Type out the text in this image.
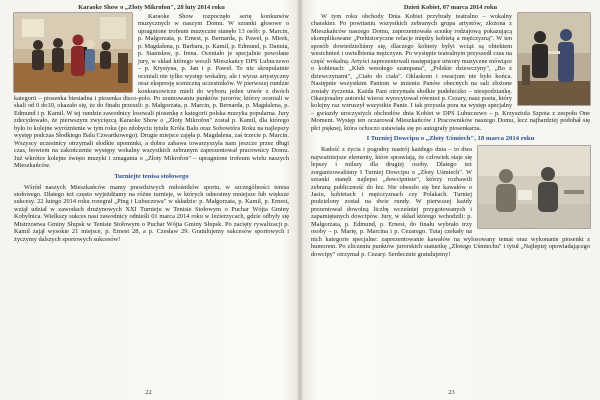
Karaoke Show o „Złoty Mikrofon", 28 luty 2014 roku

Karaoke Show rozpoczęło serię konkursów muzycznych w naszym Domu. W szranki głosowe o upragnione trofeum muzyczne stanęło 13 osób: p. Marcin, p. Małgorzata, p. Ernest, p. Bernarda, p. Paweł, p. Mirek, p. Magdalena, p. Barbara, p. Kamil, p. Edmund, p. Danuta, p. Stanisław, p. Irena. Oceniało je specjalnie powołane jury, w skład którego weszli Mieszkańcy DPS Lubuczewo – p. Krystyna, p. Jan i p. Paweł. To nie skrupulatnie oceniali nie tylko występ wokalny, ale i wyraz artystyczny oraz ekspresję sceniczną uczestników. W pierwszej rundzie konkursowicze mieli do wyboru jeden utwór z dwóch kategorii – piosenka biesiadna i piosenka disco-polo. Po zsumowaniu punktów jurorów, którzy oceniali w skali od 0 do10, okazało się, że do finału przeszli: p. Małgorzata, p. Marcin, p. Bernarda, p. Magdalena, p. Edmund i p. Kamil. W tej rundzie zawodnicy losowali piosenkę z kategorii polska muzyka popularna. Jury zdecydowało, że pierwszym zwycięzcą Karaoke Show o „Złoty Mikrofon" został p. Kamil, dla którego było to kolejne wyróżnienie w tym roku (po zdobyciu tytułu Króla Balu oraz Sobowtóra Roku na najlepszy występ podczas Słodkiego Balu Czwartkowego). Drugie miejsce zajęła p. Magdalena, zaś trzecie p. Marcin. Wszyscy uczestnicy otrzymali słodkie upominki, a dobra zabawa towarzyszyła nam jeszcze przez długi czas, bowiem na zakończenie występy wokalny wszystkich zebranym zaprezentował pracownicy Domu. Już wkrótce kolejne święto muzyki i zmagania o „Złoty Mikrofon" – upragnione trofeum wielu naszych Mieszkańców.

Turniejte tenisa stołowego

Wśród naszych Mieszkańców mamy prawdziwych miłośników sportu, w szczególności tenisa stołowego. Dlatego też często wyjeżdżamy na różne turnieje, w których odnosimy mniejsze lub większe sukcesy. 22 lutego 2014 roku rozegrał „Ping i Lubuczewa" w składzie: p. Małgorzata, p. Kamil, p. Ernest, wziął udział w zawodach drużynowych XXI Turnieju w Tenisie Stołowym o Puchar Wójta Gminy Kobylnica. Wielkszy sukces nasi zawodnicy odnieśli 01 marca 2014 roku w Jezierzycach, gdzie odbyły się Mistrzostwa Gminy Słupsk w Tenisie Stołowym o Puchar Wójta Gminy Słupsk. Po zacięty rywalizacji p. Kamil zajął wysokie 21 miejsce, p. Ernest 28, a p. Czesław 29. Gratulujemy sukcesów sportowych i życzymy dalszych sportowych sukcesów!

22
Dzień Kobiet, 07 marca 2014 roku

W tym roku obchody Dnia Kobiet przybrały teatralno – wokalny charakter. Po powitaniu wszystkich zebranych grupa artystów, złożona z Mieszkańców naszego Domu, zaprezentowała scenkę rodzajową pokazującą skomplikowane „Prehistoryczne relacje między kobietą a mężczyzną". W ten sposób dowiedzieliśmy się, dlaczego kobiety byłyi wciąż są obiektem westchnień i uwielbienia mężczyzn. Po występie teatralnym przyszedł czas na część wokalną. Artyści zaprezentowali następujące utwory muzyczne mówiące o kobietach: „Klub wesołego szampana", „Polskie dziewczyny", „Bo z dziewczynami", „Ciało do ciała". Oklaskom i owacjom nie było końca. Następnie wszystkim Paniom w imieniu Panów obecnych na sali złożone zostały życzenia. Każda Pani otrzymała słodkie pudełeczko – niespodziankę. Okazjonalny autorski wiersz wyrecytował również p. Cezary, nasz poeta, który kolejny raz wzruszył wszystkie Panie. I tak przyszła pora na występ specjalny – gwiazdy uroczystych obchodów dnia Kobiet w DPS Lubuczewo – p. Krzysztofa Szpota z zespołu One Moment. Występ ten oczarował Mieszkańców i Pracowników naszego Domu, lecz najbardziej podobał się płci pięknej, która ochoczo ustawiała się po autografy piosenkarza.

I Turniej Dowcipu o „Złoty Uśmiech", 18 marca 2014 roku

Radość z życia i pogodny nastrój każdego dnia – to dwa najważniejsze elementy, które sprawiają, że człowiek staje się lepszy i milszy dla drugiej osoby. Dlatego też zorganizowaliśmy I Turniej Dowcipu o „Złoty Uśmiech". W szranki stanęli najlepsi „dowcipnisie", którzy rozbawili zebraną publiczność do łez. Nie obeszło się bez kawałów o Jasiu, kobietach i mężczyznach czy Polakach. Turniej podzielony został na dwie rundy. W pierwszej każdy prezentował dowolną liczbę wcześniej przygotowanych i zapamiętanych dowcipów. Jury, w skład którego wchodzili: p. Małgorzata, p. Edmund, p. Ernest, do finału wybrało trzy osoby – p. Marię, p. Marcina i p. Cezarego. Tutaj czekały na nich kategorie specjalne: zaprezentowanie kawałów na wylosowany temat oraz wykonanie piosenki z humorem. Po zliczeniu punktów jurorskich statuetkę „Złotego Uśmiechu" i tytuł „Najlepiej opowiadającego dowcipy" otrzymał p. Cezary. Serdecznie gratulujemy!

23
